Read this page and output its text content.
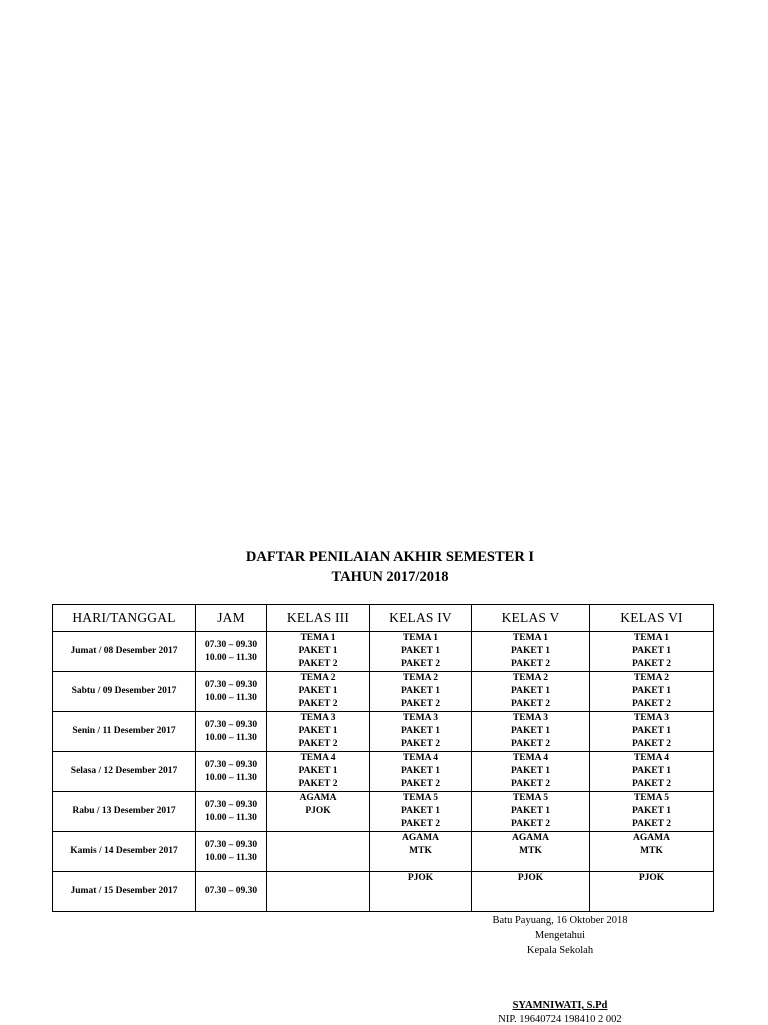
DAFTAR PENILAIAN AKHIR SEMESTER I
TAHUN 2017/2018
HARI/TANGGAL	JAM	KELAS III	KELAS IV	KELAS V	KELAS VI
Jumat / 08 Desember 2017	07.30 – 09.30
10.00 – 11.30	TEMA 1
PAKET 1
PAKET 2	TEMA 1
PAKET 1
PAKET 2	TEMA 1
PAKET 1
PAKET 2	TEMA 1
PAKET 1
PAKET 2

Sabtu / 09 Desember 2017	07.30 – 09.30
10.00 – 11.30	TEMA 2
PAKET 1
PAKET 2	TEMA 2
PAKET 1
PAKET 2	TEMA 2
PAKET 1
PAKET 2	TEMA 2
PAKET 1
PAKET 2

Senin / 11 Desember 2017	07.30 – 09.30
10.00 – 11.30	TEMA 3
PAKET 1
PAKET 2	TEMA 3
PAKET 1
PAKET 2	TEMA 3
PAKET 1
PAKET 2	TEMA 3
PAKET 1
PAKET 2

Selasa / 12 Desember 2017	07.30 – 09.30
10.00 – 11.30	TEMA 4
PAKET 1
PAKET 2	TEMA 4
PAKET 1
PAKET 2	TEMA 4
PAKET 1
PAKET 2	TEMA 4
PAKET 1
PAKET 2

Rabu / 13 Desember 2017	07.30 – 09.30
10.00 – 11.30	AGAMA
PJOK	TEMA 5
PAKET 1
PAKET 2	TEMA 5
PAKET 1
PAKET 2	TEMA 5
PAKET 1
PAKET 2

Kamis / 14 Desember 2017	07.30 – 09.30
10.00 – 11.30		AGAMA
MTK	AGAMA
MTK	AGAMA
MTK

Jumat / 15 Desember 2017	07.30 – 09.30		PJOK	PJOK	PJOK
Batu Payuang, 16 Oktober 2018
Mengetahui
Kepala Sekolah
SYAMNIWATI, S.Pd
NIP. 19640724 198410 2 002
